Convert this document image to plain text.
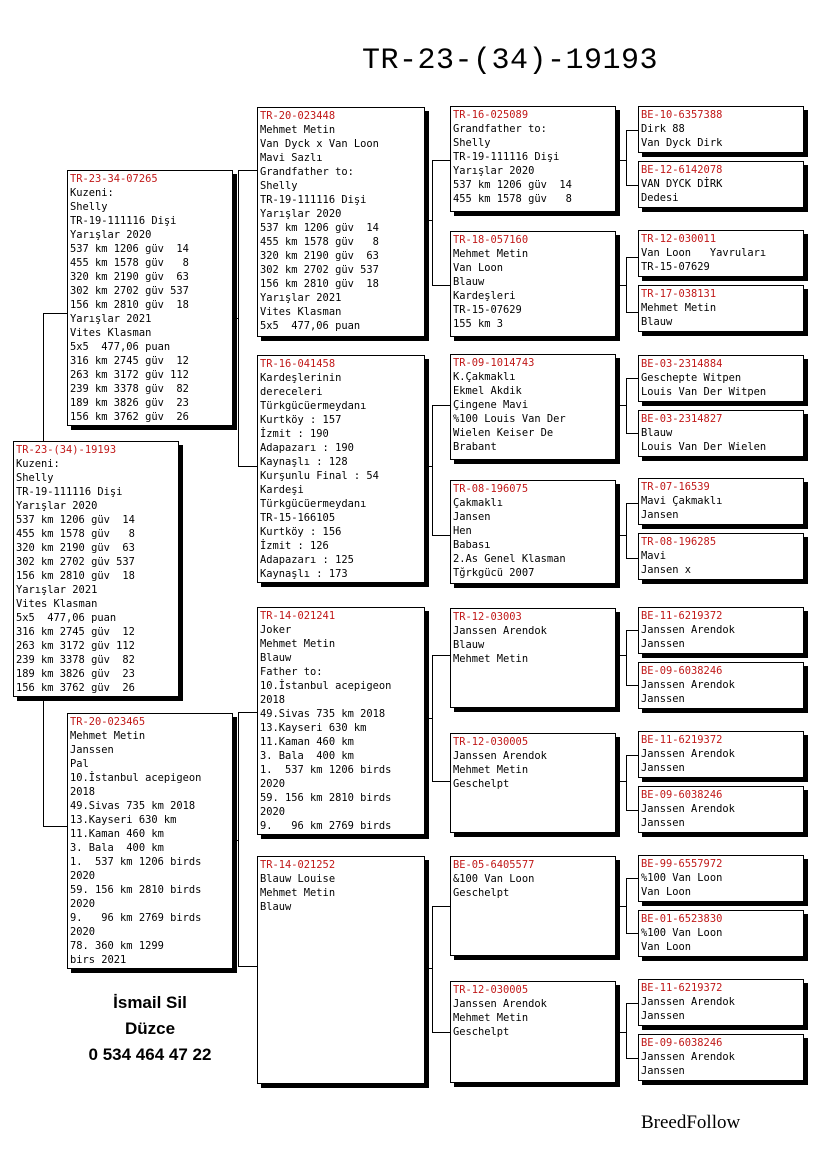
TR-23-(34)-19193
TR-23-34-07265
Kuzeni:
Shelly
TR-19-111116 Dişi
Yarışlar 2020
537 km 1206 güv  14
455 km 1578 güv   8
320 km 2190 güv  63
302 km 2702 güv 537
156 km 2810 güv  18
Yarışlar 2021
Vites Klasman
5x5  477,06 puan
316 km 2745 güv  12
263 km 3172 güv 112
239 km 3378 güv  82
189 km 3826 güv  23
156 km 3762 güv  26
TR-23-(34)-19193
Kuzeni:
Shelly
TR-19-111116 Dişi
Yarışlar 2020
537 km 1206 güv  14
455 km 1578 güv   8
320 km 2190 güv  63
302 km 2702 güv 537
156 km 2810 güv  18
Yarışlar 2021
Vites Klasman
5x5  477,06 puan
316 km 2745 güv  12
263 km 3172 güv 112
239 km 3378 güv  82
189 km 3826 güv  23
156 km 3762 güv  26
TR-20-023465
Mehmet Metin
Janssen
Pal
10.İstanbul acepigeon
2018
49.Sivas 735 km 2018
13.Kayseri 630 km
11.Kaman 460 km
3. Bala  400 km
1.  537 km 1206 birds
2020
59. 156 km 2810 birds
2020
9.   96 km 2769 birds
2020
78. 360 km 1299
birs 2021
TR-20-023448
Mehmet Metin
Van Dyck x Van Loon
Mavi Sazlı
Grandfather to:
Shelly
TR-19-111116 Dişi
Yarışlar 2020
537 km 1206 güv  14
455 km 1578 güv   8
320 km 2190 güv  63
302 km 2702 güv 537
156 km 2810 güv  18
Yarışlar 2021
Vites Klasman
5x5  477,06 puan
TR-16-041458
Kardeşlerinin
dereceleri
Türkgücüermeydanı
Kurtköy : 157
İzmit : 190
Adapazarı : 190
Kaynaşlı : 128
Kurşunlu Final : 54
Kardeşi
Türkgücüermeydanı
TR-15-166105
Kurtköy : 156
İzmit : 126
Adapazarı : 125
Kaynaşlı : 173
TR-14-021241
Joker
Mehmet Metin
Blauw
Father to:
10.İstanbul acepigeon
2018
49.Sivas 735 km 2018
13.Kayseri 630 km
11.Kaman 460 km
3. Bala  400 km
1.  537 km 1206 birds
2020
59. 156 km 2810 birds
2020
9.   96 km 2769 birds
TR-14-021252
Blauw Louise
Mehmet Metin
Blauw
TR-16-025089
Grandfather to:
Shelly
TR-19-111116 Dişi
Yarışlar 2020
537 km 1206 güv  14
455 km 1578 güv   8
TR-18-057160
Mehmet Metin
Van Loon
Blauw
Kardeşleri
TR-15-07629
155 km 3
TR-09-1014743
K.Çakmaklı
Ekmel Akdik
Çingene Mavi
%100 Louis Van Der
Wielen Keiser De
Brabant
TR-08-196075
Çakmaklı
Jansen
Hen
Babası
2.As Genel Klasman
Tğrkgücü 2007
TR-12-03003
Janssen Arendok
Blauw
Mehmet Metin
TR-12-030005
Janssen Arendok
Mehmet Metin
Geschelpt
BE-05-6405577
&100 Van Loon
Geschelpt
TR-12-030005
Janssen Arendok
Mehmet Metin
Geschelpt
BE-10-6357388
Dirk 88
Van Dyck Dirk
BE-12-6142078
VAN DYCK DİRK
Dedesi
TR-12-030011
Van Loon   Yavruları
TR-15-07629
TR-17-038131
Mehmet Metin
Blauw
BE-03-2314884
Geschepte Witpen
Louis Van Der Witpen
BE-03-2314827
Blauw
Louis Van Der Wielen
TR-07-16539
Mavi Çakmaklı
Jansen
TR-08-196285
Mavi
Jansen x
BE-11-6219372
Janssen Arendok
Janssen
BE-09-6038246
Janssen Arendok
Janssen
BE-11-6219372
Janssen Arendok
Janssen
BE-09-6038246
Janssen Arendok
Janssen
BE-99-6557972
%100 Van Loon
Van Loon
BE-01-6523830
%100 Van Loon
Van Loon
BE-11-6219372
Janssen Arendok
Janssen
BE-09-6038246
Janssen Arendok
Janssen
İsmail Sil
Düzce
0 534 464 47 22
BreedFollow
